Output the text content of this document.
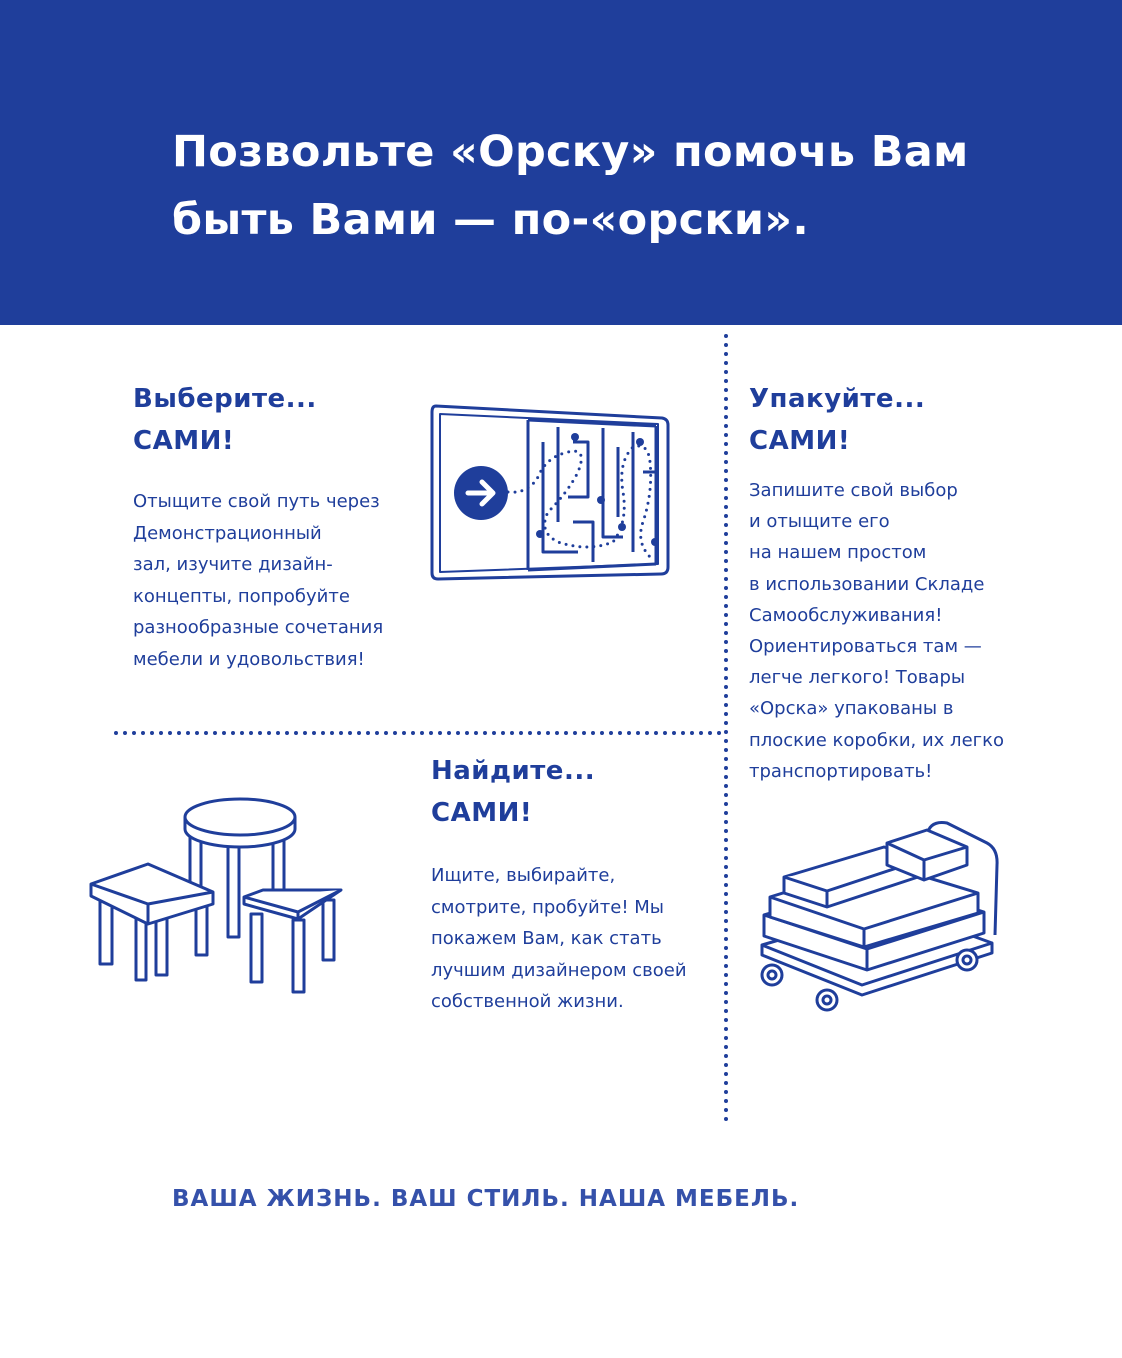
Позвольте «Орску» помочь Вам
быть Вами — по-«орски».
Выберите...
САМИ!
Отыщите свой путь через
Демонстрационный
зал, изучите дизайн-
концепты, попробуйте
разнообразные сочетания
мебели и удовольствия!
Упакуйте...
САМИ!
Запишите свой выбор
и отыщите его
на нашем простом
в использовании Складе
Самообслуживания!
Ориентироваться там —
легче легкого! Товары
«Орска» упакованы в
плоские коробки, их легко
транспортировать!
Найдите...
САМИ!
Ищите, выбирайте,
смотрите, пробуйте! Мы
покажем Вам, как стать
лучшим дизайнером своей
собственной жизни.
ВАША ЖИЗНЬ. ВАШ СТИЛЬ. НАША МЕБЕЛЬ.
